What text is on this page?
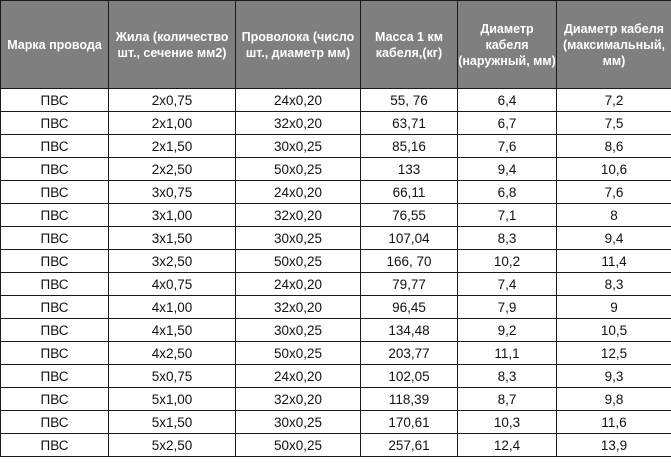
Марка провода	Жила (количество шт., сечение мм2)	Проволока (число шт., диаметр мм)	Масса 1 км кабеля,(кг)	Диаметр кабеля (наружный, мм)	Диаметр кабеля (максимальный, мм)
ПВС	2х0,75	24х0,20	55, 76	6,4	7,2
ПВС	2х1,00	32х0,20	63,71	6,7	7,5
ПВС	2х1,50	30х0,25	85,16	7,6	8,6
ПВС	2х2,50	50х0,25	133	9,4	10,6
ПВС	3х0,75	24х0,20	66,11	6,8	7,6
ПВС	3х1,00	32х0,20	76,55	7,1	8
ПВС	3х1,50	30х0,25	107,04	8,3	9,4
ПВС	3х2,50	50х0,25	166, 70	10,2	11,4
ПВС	4х0,75	24х0,20	79,77	7,4	8,3
ПВС	4х1,00	32х0,20	96,45	7,9	9
ПВС	4х1,50	30х0,25	134,48	9,2	10,5
ПВС	4х2,50	50х0,25	203,77	11,1	12,5
ПВС	5х0,75	24х0,20	102,05	8,3	9,3
ПВС	5х1,00	32х0,20	118,39	8,7	9,8
ПВС	5х1,50	30х0,25	170,61	10,3	11,6
ПВС	5х2,50	50х0,25	257,61	12,4	13,9
